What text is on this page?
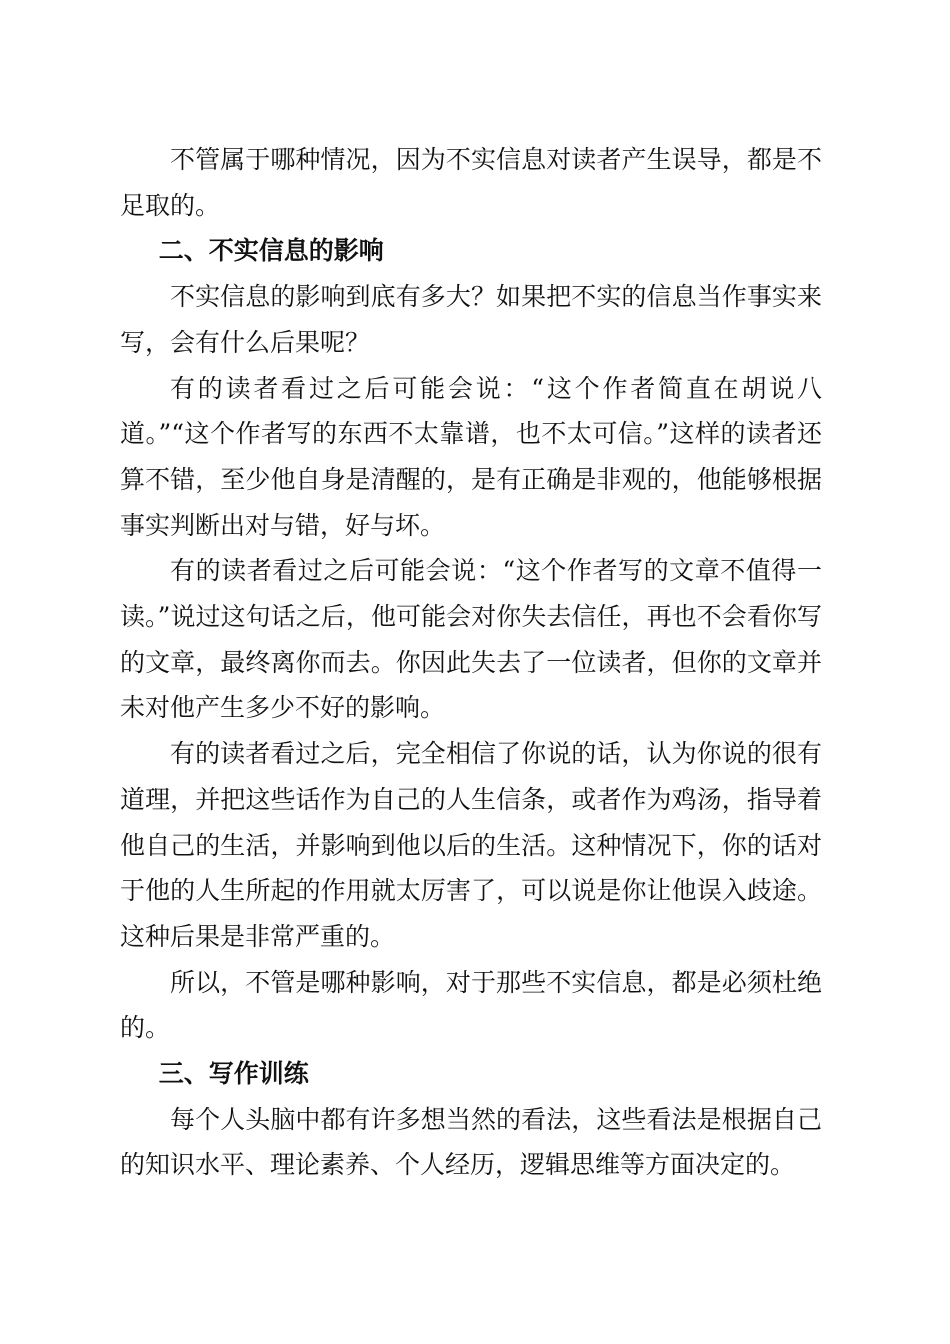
不管属于哪种情况，因为不实信息对读者产生误导，都是不足取的。

二、不实信息的影响

不实信息的影响到底有多大？如果把不实的信息当作事实来写，会有什么后果呢？

有的读者看过之后可能会说：“这个作者简直在胡说八道。”“这个作者写的东西不太靠谱，也不太可信。”这样的读者还算不错，至少他自身是清醒的，是有正确是非观的，他能够根据事实判断出对与错，好与坏。

有的读者看过之后可能会说：“这个作者写的文章不值得一读。”说过这句话之后，他可能会对你失去信任，再也不会看你写的文章，最终离你而去。你因此失去了一位读者，但你的文章并未对他产生多少不好的影响。

有的读者看过之后，完全相信了你说的话，认为你说的很有道理，并把这些话作为自己的人生信条，或者作为鸡汤，指导着他自己的生活，并影响到他以后的生活。这种情况下，你的话对于他的人生所起的作用就太厉害了，可以说是你让他误入歧途。这种后果是非常严重的。

所以，不管是哪种影响，对于那些不实信息，都是必须杜绝的。

三、写作训练

每个人头脑中都有许多想当然的看法，这些看法是根据自己的知识水平、理论素养、个人经历，逻辑思维等方面决定的。
